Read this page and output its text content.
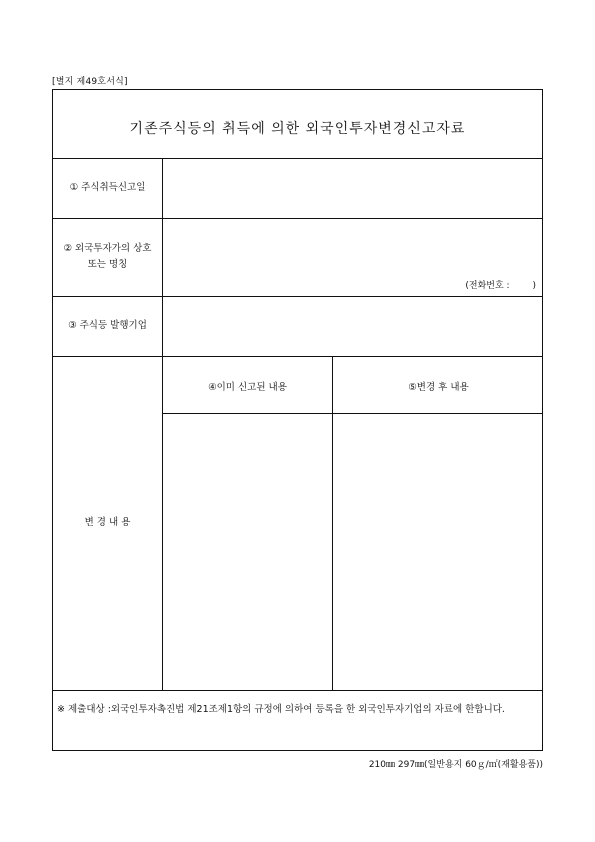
[별지 제49호서식]
기존주식등의 취득에 의한 외국인투자변경신고자료
① 주식취득신고일
② 외국투자가의 상호
또는 명칭
(전화번호 :        )
③ 주식등 발행기업
변 경 내 용
④이미 신고된 내용	⑤변경 후 내용
※ 제출대상 :외국인투자촉진법 제21조제1항의 규정에 의하여 등록을 한 외국인투자기업의 자료에 한합니다.
210㎜ 297㎜(일반용지 60ｇ/㎡(재활용품))
